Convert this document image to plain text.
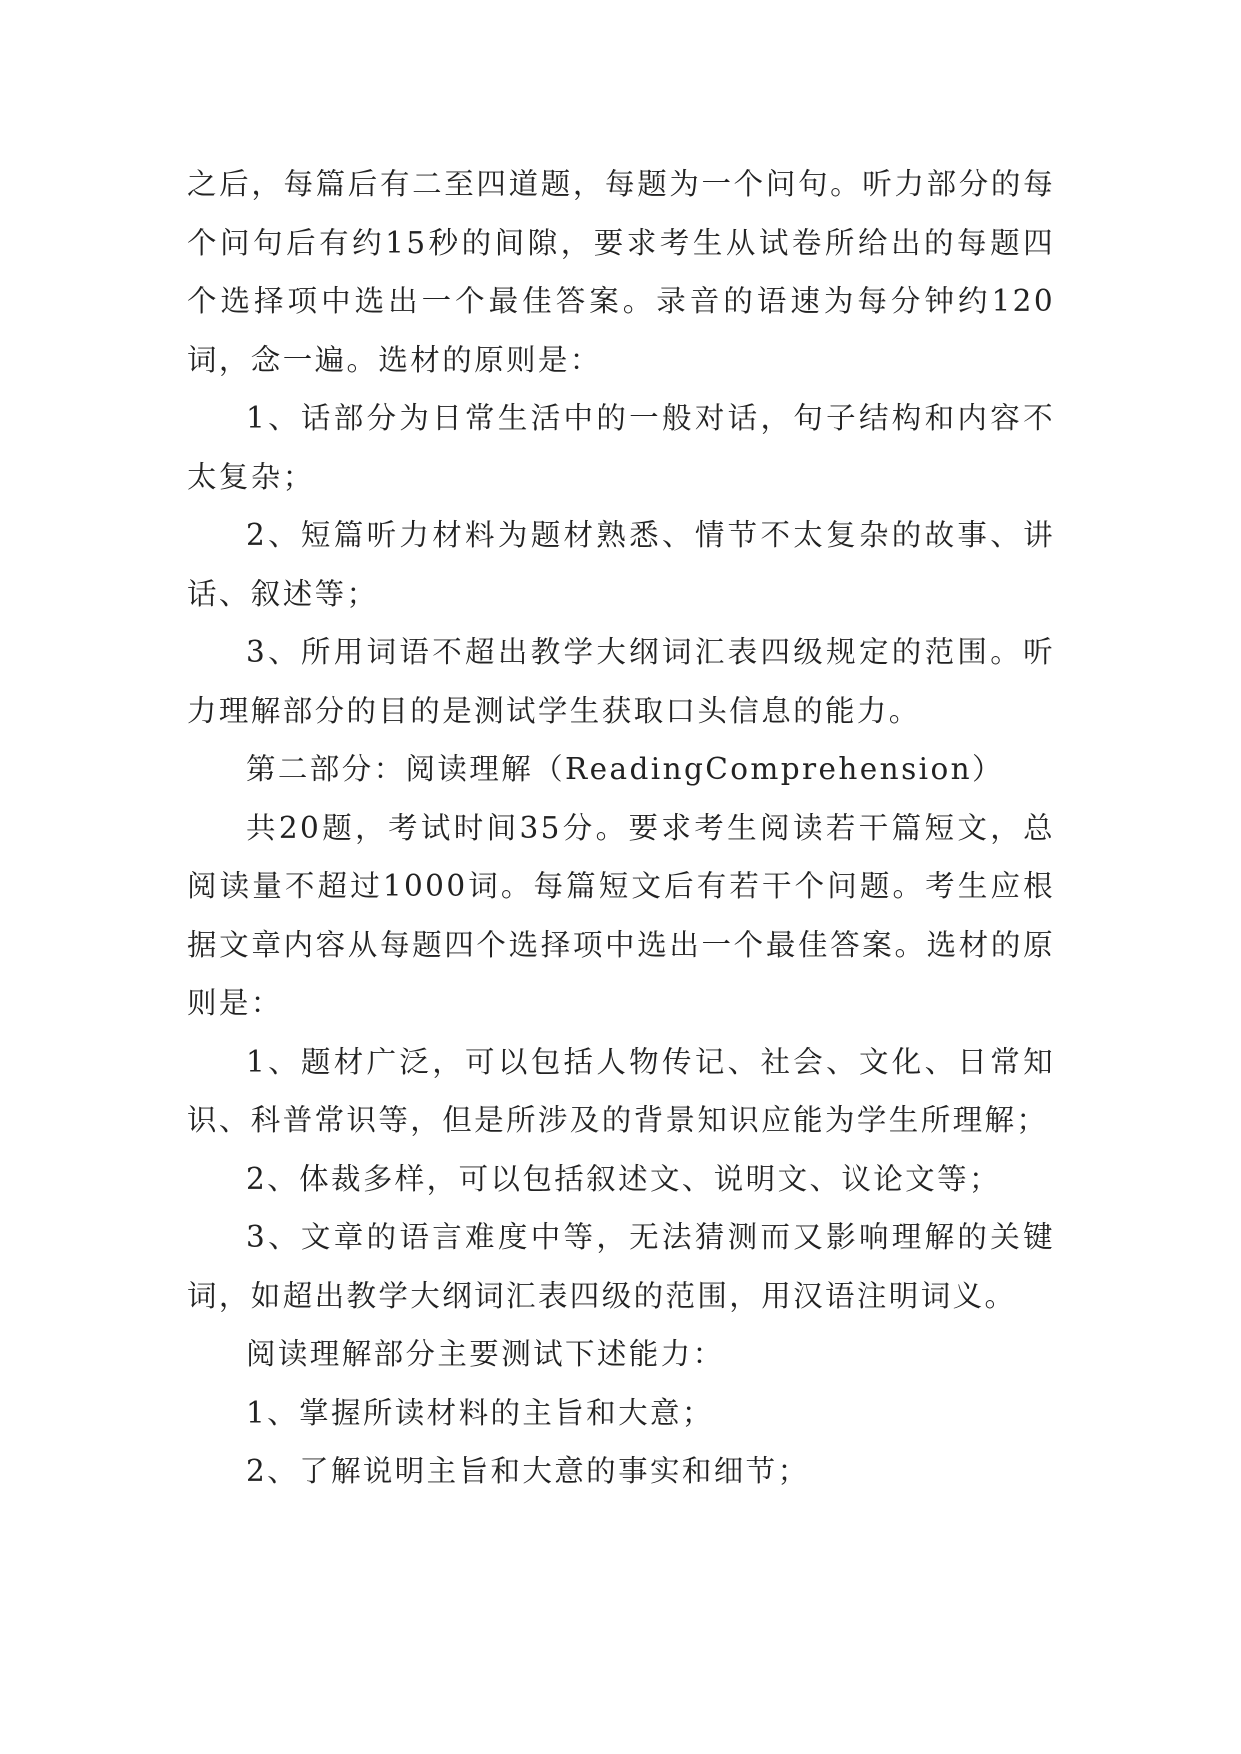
之后，每篇后有二至四道题，每题为一个问句。听力部分的每个问句后有约15秒的间隙，要求考生从试卷所给出的每题四个选择项中选出一个最佳答案。录音的语速为每分钟约120词，念一遍。选材的原则是：

1、话部分为日常生活中的一般对话，句子结构和内容不太复杂；

2、短篇听力材料为题材熟悉、情节不太复杂的故事、讲话、叙述等；

3、所用词语不超出教学大纲词汇表四级规定的范围。听力理解部分的目的是测试学生获取口头信息的能力。

第二部分：阅读理解（ReadingComprehension）

共20题，考试时间35分。要求考生阅读若干篇短文，总阅读量不超过1000词。每篇短文后有若干个问题。考生应根据文章内容从每题四个选择项中选出一个最佳答案。选材的原则是：

1、题材广泛，可以包括人物传记、社会、文化、日常知识、科普常识等，但是所涉及的背景知识应能为学生所理解；

2、体裁多样，可以包括叙述文、说明文、议论文等；

3、文章的语言难度中等，无法猜测而又影响理解的关键词，如超出教学大纲词汇表四级的范围，用汉语注明词义。

阅读理解部分主要测试下述能力：

1、掌握所读材料的主旨和大意；

2、了解说明主旨和大意的事实和细节；
